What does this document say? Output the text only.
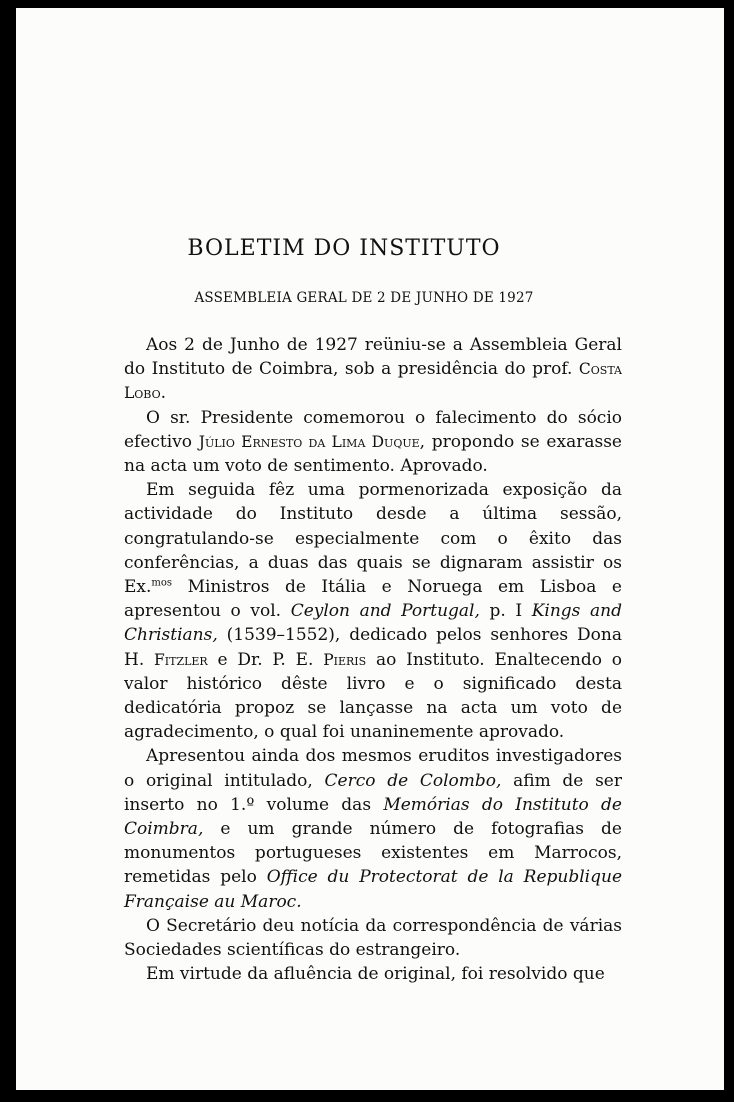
BOLETIM DO INSTITUTO
ASSEMBLEIA GERAL DE 2 DE JUNHO DE 1927

Aos 2 de Junho de 1927 reüniu-se a Assembleia Geral do Instituto de Coimbra, sob a presidência do prof. Costa Lobo.

O sr. Presidente comemorou o falecimento do sócio efectivo Júlio Ernesto da Lima Duque, propondo se exarasse na acta um voto de sentimento. Aprovado.

Em seguida fêz uma pormenorizada exposição da actividade do Instituto desde a última sessão, congratulando-se especialmente com o êxito das conferências, a duas das quais se dignaram assistir os Ex.$^{mos}$ Ministros de Itália e Noruega em Lisboa e apresentou o vol. Ceylon and Portugal, p. I Kings and Christians, (1539–1552), dedicado pelos senhores Dona H. Fitzler e Dr. P. E. Pieris ao Instituto. Enaltecendo o valor histórico dêste livro e o significado desta dedicatória propoz se lançasse na acta um voto de agradecimento, o qual foi unaninemente aprovado.

Apresentou ainda dos mesmos eruditos investigadores o original intitulado, Cerco de Colombo, afim de ser inserto no 1.º volume das Memórias do Instituto de Coimbra, e um grande número de fotografias de monumentos portugueses existentes em Marrocos, remetidas pelo Office du Protectorat de la Republique Française au Maroc.

O Secretário deu notícia da correspondência de várias Sociedades scientíficas do estrangeiro.

Em virtude da afluência de original, foi resolvido que
